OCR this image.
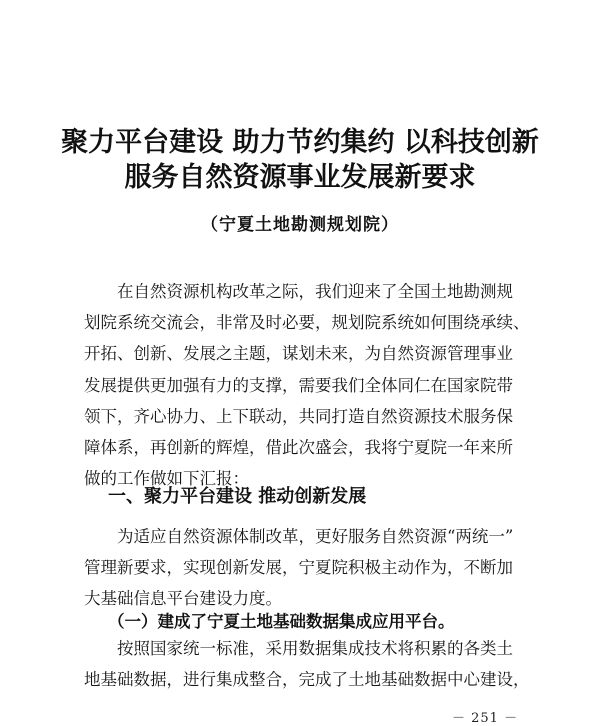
聚力平台建设 助力节约集约 以科技创新
服务自然资源事业发展新要求
（宁夏土地勘测规划院）
在自然资源机构改革之际，我们迎来了全国土地勘测规
划院系统交流会，非常及时必要，规划院系统如何围绕承续、
开拓、创新、发展之主题，谋划未来，为自然资源管理事业
发展提供更加强有力的支撑，需要我们全体同仁在国家院带
领下，齐心协力、上下联动，共同打造自然资源技术服务保
障体系，再创新的辉煌，借此次盛会，我将宁夏院一年来所
做的工作做如下汇报：
一、聚力平台建设 推动创新发展
为适应自然资源体制改革，更好服务自然资源“两统一”
管理新要求，实现创新发展，宁夏院积极主动作为，不断加
大基础信息平台建设力度。
（一）建成了宁夏土地基础数据集成应用平台。
按照国家统一标准，采用数据集成技术将积累的各类土
地基础数据，进行集成整合，完成了土地基础数据中心建设，
－ 251 －
